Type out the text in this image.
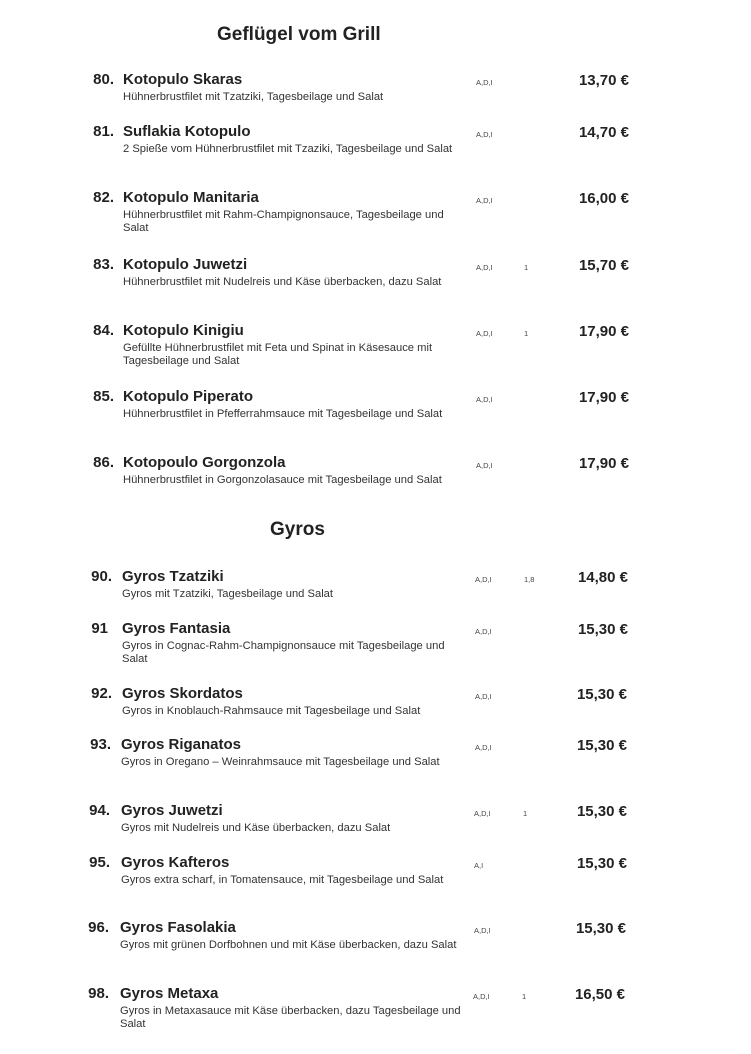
Geflügel vom Grill
80. Kotopulo Skaras
Hühnerbrustfilet mit Tzatziki, Tagesbeilage und Salat
A,D,I	13,70 €
81. Suflakia Kotopulo
2 Spieße vom Hühnerbrustfilet mit Tzaziki, Tagesbeilage und Salat
A,D,I	14,70 €
82. Kotopulo Manitaria
Hühnerbrustfilet mit Rahm-Champignonsauce, Tagesbeilage und Salat
A,D,I	16,00 €
83. Kotopulo Juwetzi
Hühnerbrustfilet mit Nudelreis und Käse überbacken, dazu Salat
A,D,I	1	15,70 €
84. Kotopulo Kinigiu
Gefüllte Hühnerbrustfilet mit Feta und Spinat in Käsesauce mit Tagesbeilage und Salat
A,D,I	1	17,90 €
85. Kotopulo Piperato
Hühnerbrustfilet in Pfefferrahmsauce mit Tagesbeilage und Salat
A,D,I	17,90 €
86. Kotopoulo Gorgonzola
Hühnerbrustfilet in Gorgonzolasauce mit Tagesbeilage und Salat
A,D,I	17,90 €
Gyros
90. Gyros Tzatziki
Gyros mit Tzatziki, Tagesbeilage und Salat
A,D,I	1,8	14,80 €
91 Gyros Fantasia
Gyros in Cognac-Rahm-Champignonsauce mit Tagesbeilage und Salat
A,D,I	15,30 €
92. Gyros Skordatos
Gyros in Knoblauch-Rahmsauce mit Tagesbeilage und Salat
A,D,I	15,30 €
93. Gyros Riganatos
Gyros in Oregano – Weinrahmsauce mit Tagesbeilage und Salat
A,D,I	15,30 €
94. Gyros Juwetzi
Gyros mit Nudelreis und Käse überbacken, dazu Salat
A,D,I	1	15,30 €
95. Gyros Kafteros
Gyros extra scharf, in Tomatensauce, mit Tagesbeilage und Salat
A,I	15,30 €
96. Gyros Fasolakia
Gyros mit grünen Dorfbohnen und mit Käse überbacken, dazu Salat
A,D,I	15,30 €
98. Gyros Metaxa
Gyros in Metaxasauce mit Käse überbacken, dazu Tagesbeilage und Salat
A,D,I	1	16,50 €
